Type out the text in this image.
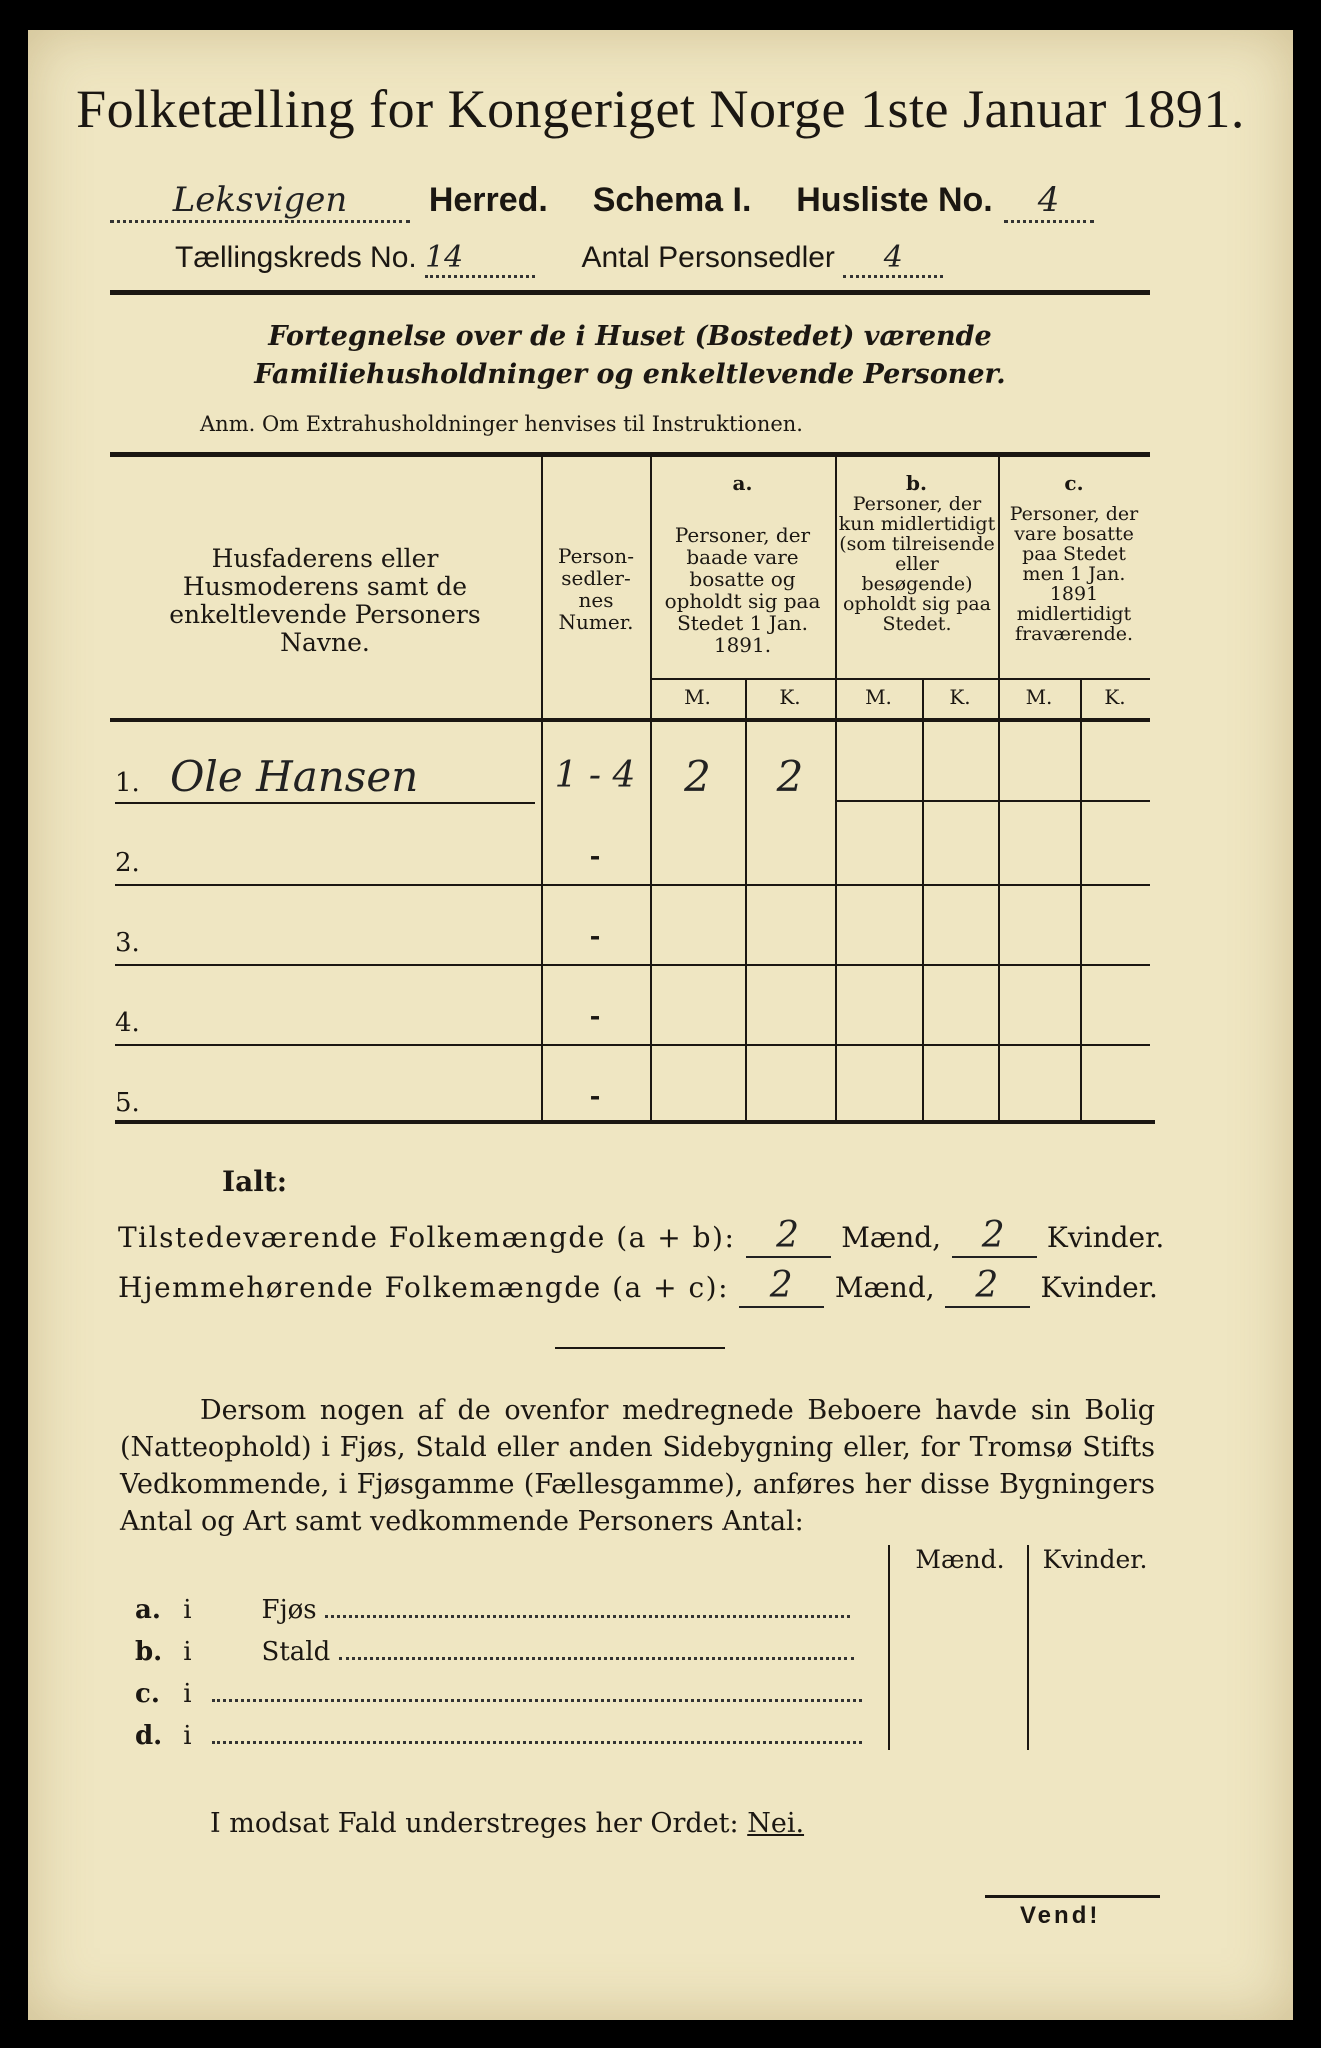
Folketælling for Kongeriget Norge 1ste Januar 1891.
Leksvigen Herred. Schema I. Husliste No. 4
Tællingskreds No. 14	Antal Personsedler 4
Fortegnelse over de i Huset (Bostedet) værende Familiehusholdninger og enkeltlevende Personer.
Anm. Om Extrahusholdninger henvises til Instruktionen.
Husfaderens eller Husmoderens samt de enkeltlevende Personers Navne.
Person-sedler-nes Numer.
a.
Personer, der baade vare bosatte og opholdt sig paa Stedet 1 Jan. 1891.
b.
Personer, der kun midlertidigt (som tilreisende eller besøgende) opholdt sig paa Stedet.
c.
Personer, der vare bosatte paa Stedet men 1 Jan. 1891 midlertidigt fraværende.
M.	K.	M.	K.	M.	K.
1. Ole Hansen	1 - 4	2	2
2.	-
3.	-
4.	-
5.	-
Ialt:
Tilstedeværende Folkemængde (a + b): 2 Mænd, 2 Kvinder.
Hjemmehørende Folkemængde (a + c): 2 Mænd, 2 Kvinder.
Dersom nogen af de ovenfor medregnede Beboere havde sin Bolig (Natteophold) i Fjøs, Stald eller anden Sidebygning eller, for Tromsø Stifts Vedkommende, i Fjøsgamme (Fællesgamme), anføres her disse Bygningers Antal og Art samt vedkommende Personers Antal:
Mænd.	Kvinder.
a. i	Fjøs
b. i	Stald
c. i
d. i
I modsat Fald understreges her Ordet: Nei.
Vend!
